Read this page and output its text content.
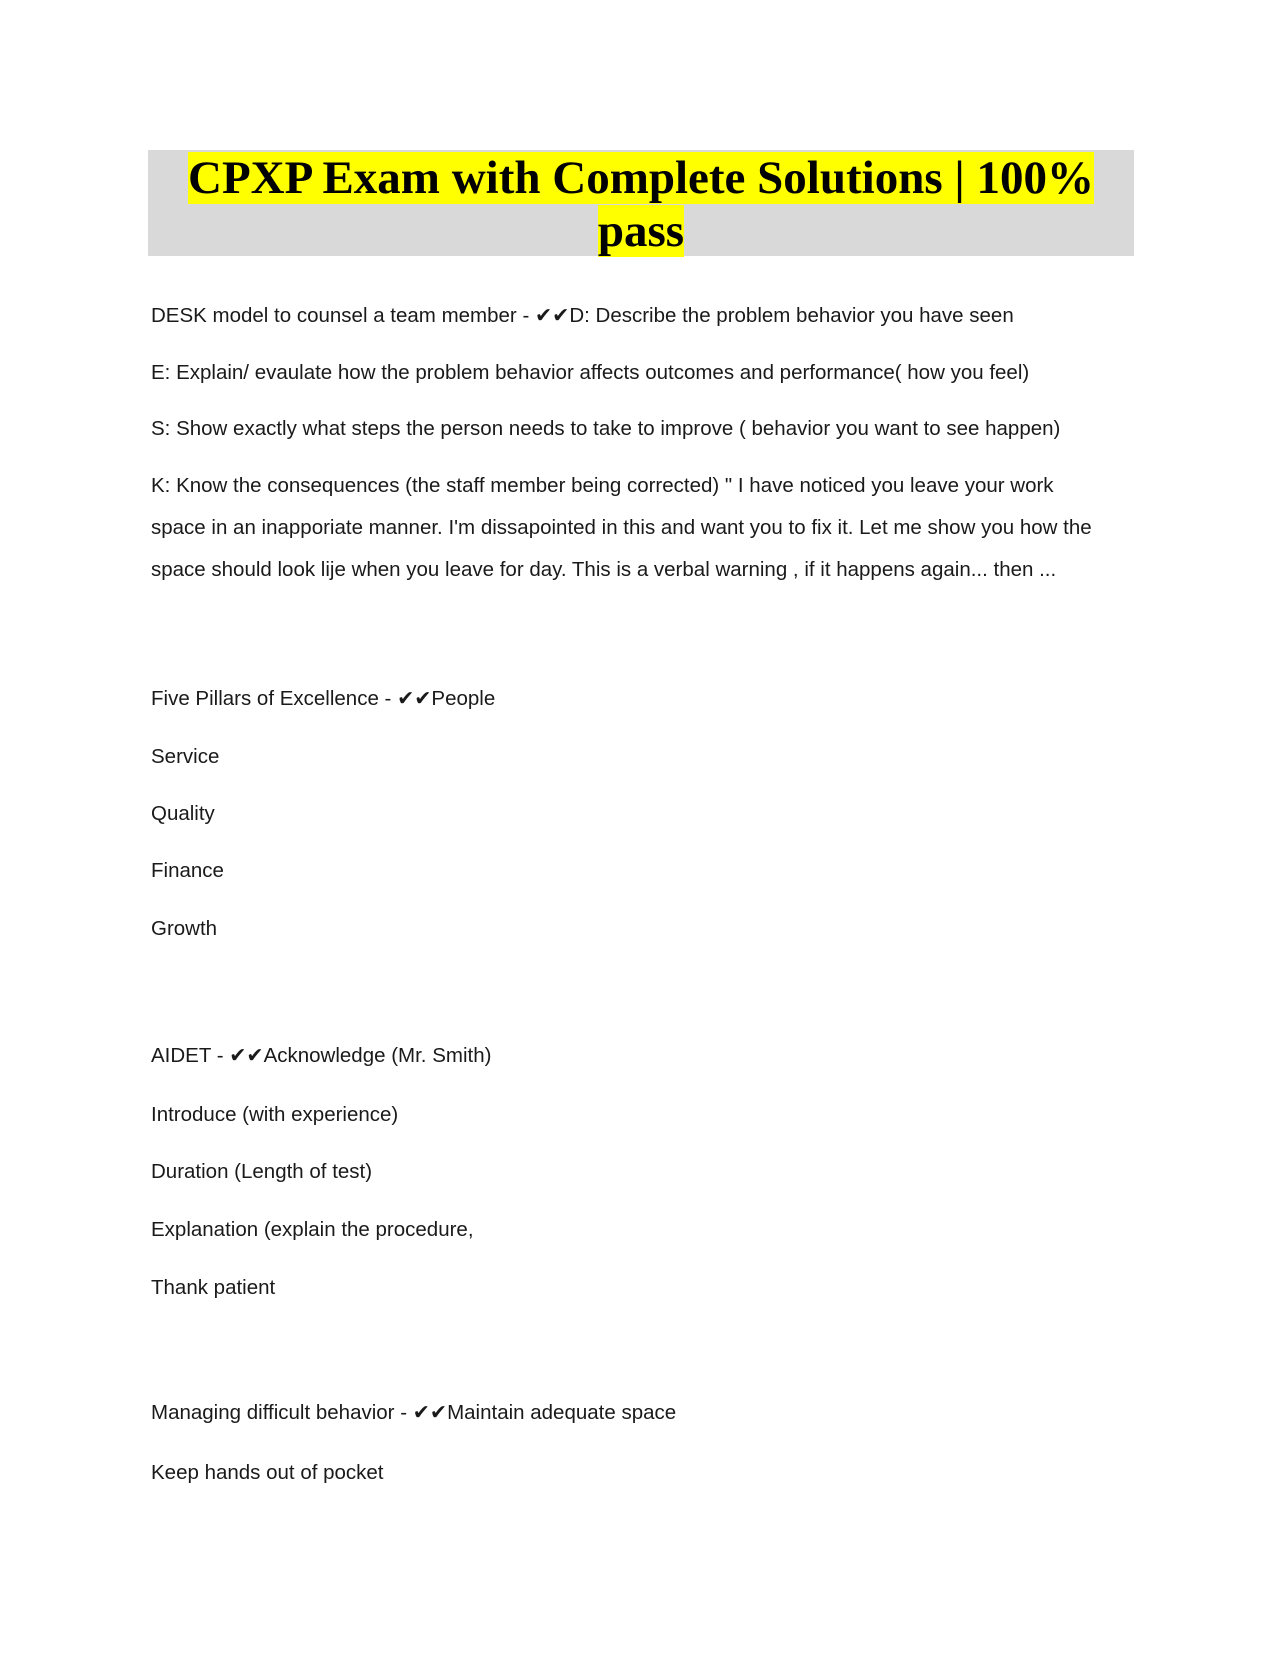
CPXP Exam with Complete Solutions | 100%
pass
DESK model to counsel a team member - ✔✔D: Describe the problem behavior you have seen
E: Explain/ evaulate how the problem behavior affects outcomes and performance( how you feel)
S: Show exactly what steps the person needs to take to improve ( behavior you want to see happen)
K: Know the consequences (the staff member being corrected) " I have noticed you leave your work
space in an inapporiate manner. I'm dissapointed in this and want you to fix it. Let me show you how the
space should look lije when you leave for day. This is a verbal warning , if it happens again... then ...
Five Pillars of Excellence - ✔✔People
Service
Quality
Finance
Growth
AIDET - ✔✔Acknowledge (Mr. Smith)
Introduce (with experience)
Duration (Length of test)
Explanation (explain the procedure,
Thank patient
Managing difficult behavior - ✔✔Maintain adequate space
Keep hands out of pocket
